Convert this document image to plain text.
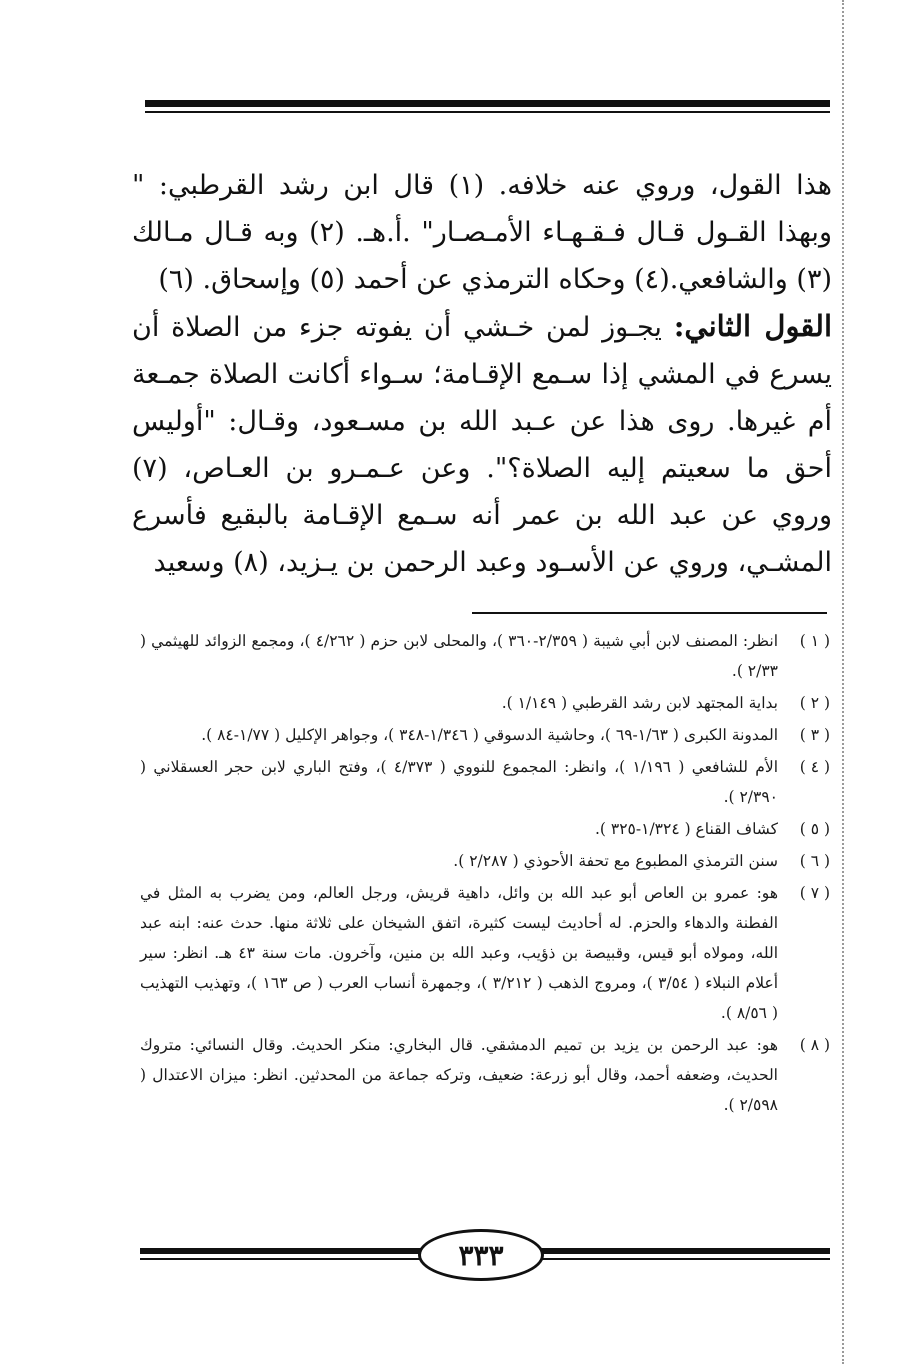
هذا القول، وروي عنه خلافه. (١) قال ابن رشد القرطبي: " وبهذا القـول قـال فـقـهـاء الأمـصـار" .أ.هـ. (٢) وبه قـال مـالك (٣) والشافعي.(٤) وحكاه الترمذي عن أحمد (٥) وإسحاق. (٦)

القول الثاني: يجـوز لمن خـشي أن يفوته جزء من الصلاة أن يسرع في المشي إذا سـمع الإقـامة؛ سـواء أكانت الصلاة جمـعة أم غيرها. روى هذا عن عـبد الله بن مسـعود، وقـال: "أوليس أحق ما سعيتم إليه الصلاة؟". وعن عـمـرو بن العـاص، (٧) وروي عن عبد الله بن عمر أنه سـمع الإقـامة بالبقيع فأسرع المشـي، وروي عن الأسـود وعبد الرحمن بن يـزيد، (٨) وسعيد

( ١ )
انظر: المصنف لابن أبي شيبة ( ٢/٣٥٩-٣٦٠ )، والمحلى لابن حزم ( ٤/٢٦٢ )، ومجمع الزوائد للهيثمي ( ٢/٣٣ ).
( ٢ )
بداية المجتهد لابن رشد القرطبي ( ١/١٤٩ ).
( ٣ )
المدونة الكبرى ( ١/٦٣-٦٩ )، وحاشية الدسوقي ( ١/٣٤٦-٣٤٨ )، وجواهر الإكليل ( ١/٧٧-٨٤ ).
( ٤ )
الأم للشافعي ( ١/١٩٦ )، وانظر: المجموع للنووي ( ٤/٣٧٣ )، وفتح الباري لابن حجر العسقلاني ( ٢/٣٩٠ ).
( ٥ )
كشاف القناع ( ١/٣٢٤-٣٢٥ ).
( ٦ )
سنن الترمذي المطبوع مع تحفة الأحوذي ( ٢/٢٨٧ ).
( ٧ )
هو: عمرو بن العاص أبو عبد الله بن وائل، داهية قريش، ورجل العالم، ومن يضرب به المثل في الفطنة والدهاء والحزم. له أحاديث ليست كثيرة، اتفق الشيخان على ثلاثة منها. حدث عنه: ابنه عبد الله، ومولاه أبو قيس، وقبيصة بن ذؤيب، وعبد الله بن منين، وآخرون. مات سنة ٤٣ هـ. انظر: سير أعلام النبلاء ( ٣/٥٤ )، ومروج الذهب ( ٣/٢١٢ )، وجمهرة أنساب العرب ( ص ١٦٣ )، وتهذيب التهذيب ( ٨/٥٦ ).
( ٨ )
هو: عبد الرحمن بن يزيد بن تميم الدمشقي. قال البخاري: منكر الحديث. وقال النسائي: متروك الحديث، وضعفه أحمد، وقال أبو زرعة: ضعيف، وتركه جماعة من المحدثين. انظر: ميزان الاعتدال ( ٢/٥٩٨ ).
٣٣٣
